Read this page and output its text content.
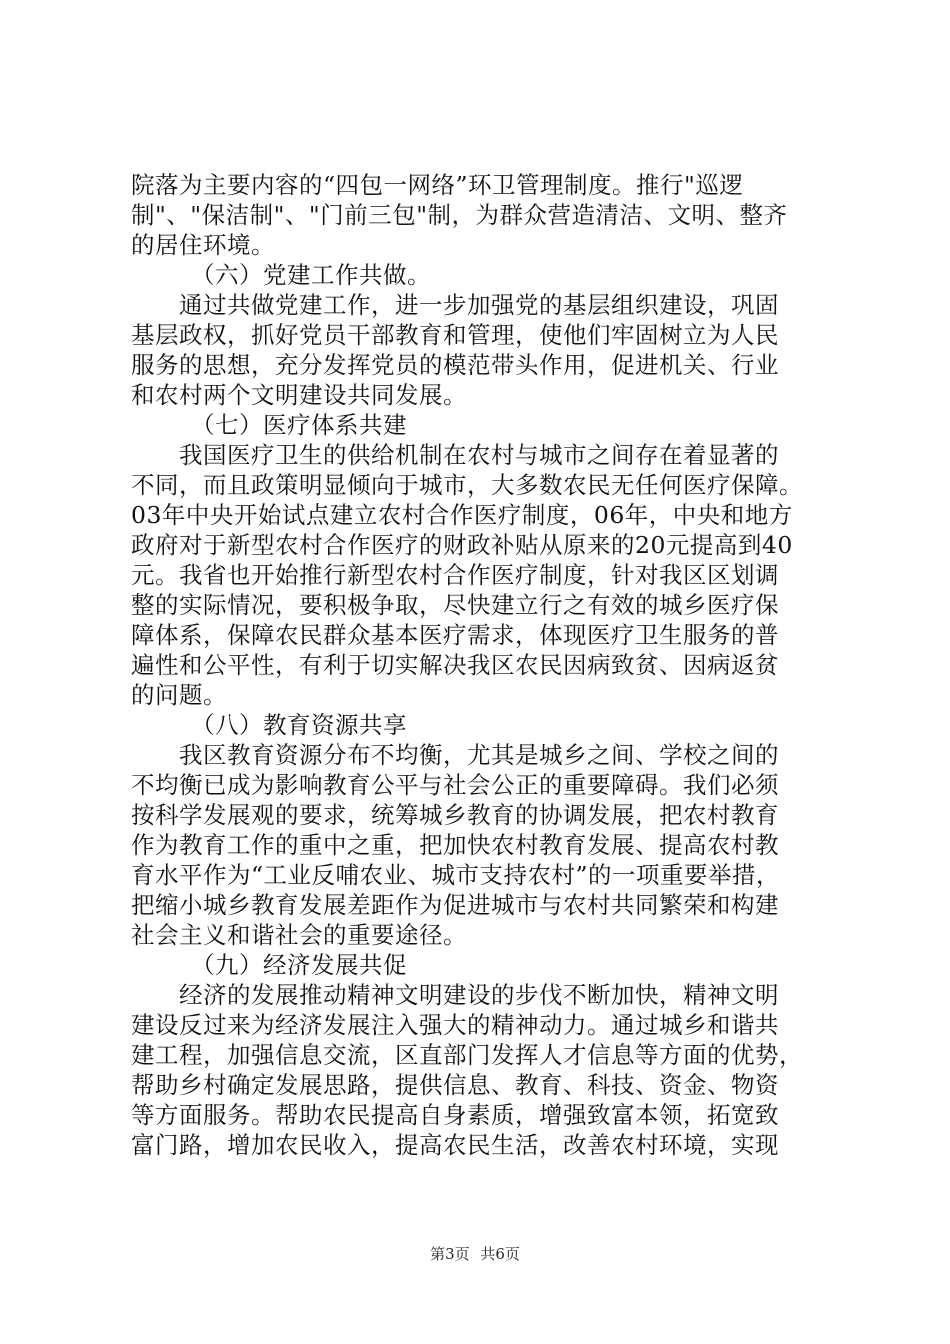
院落为主要内容的“四包一网络”环卫管理制度。推行"巡逻
制"、"保洁制"、"门前三包"制，为群众营造清洁、文明、整齐
的居住环境。
（六）党建工作共做。
通过共做党建工作，进一步加强党的基层组织建设，巩固
基层政权，抓好党员干部教育和管理，使他们牢固树立为人民
服务的思想，充分发挥党员的模范带头作用，促进机关、行业
和农村两个文明建设共同发展。
（七）医疗体系共建
我国医疗卫生的供给机制在农村与城市之间存在着显著的
不同，而且政策明显倾向于城市，大多数农民无任何医疗保障。
03年中央开始试点建立农村合作医疗制度，06年，中央和地方
政府对于新型农村合作医疗的财政补贴从原来的20元提高到40
元。我省也开始推行新型农村合作医疗制度，针对我区区划调
整的实际情况，要积极争取，尽快建立行之有效的城乡医疗保
障体系，保障农民群众基本医疗需求，体现医疗卫生服务的普
遍性和公平性，有利于切实解决我区农民因病致贫、因病返贫
的问题。
（八）教育资源共享
我区教育资源分布不均衡，尤其是城乡之间、学校之间的
不均衡已成为影响教育公平与社会公正的重要障碍。我们必须
按科学发展观的要求，统筹城乡教育的协调发展，把农村教育
作为教育工作的重中之重，把加快农村教育发展、提高农村教
育水平作为“工业反哺农业、城市支持农村”的一项重要举措，
把缩小城乡教育发展差距作为促进城市与农村共同繁荣和构建
社会主义和谐社会的重要途径。
（九）经济发展共促
经济的发展推动精神文明建设的步伐不断加快，精神文明
建设反过来为经济发展注入强大的精神动力。通过城乡和谐共
建工程，加强信息交流，区直部门发挥人才信息等方面的优势，
帮助乡村确定发展思路，提供信息、教育、科技、资金、物资
等方面服务。帮助农民提高自身素质，增强致富本领，拓宽致
富门路，增加农民收入，提高农民生活，改善农村环境，实现
第3页 共6页
